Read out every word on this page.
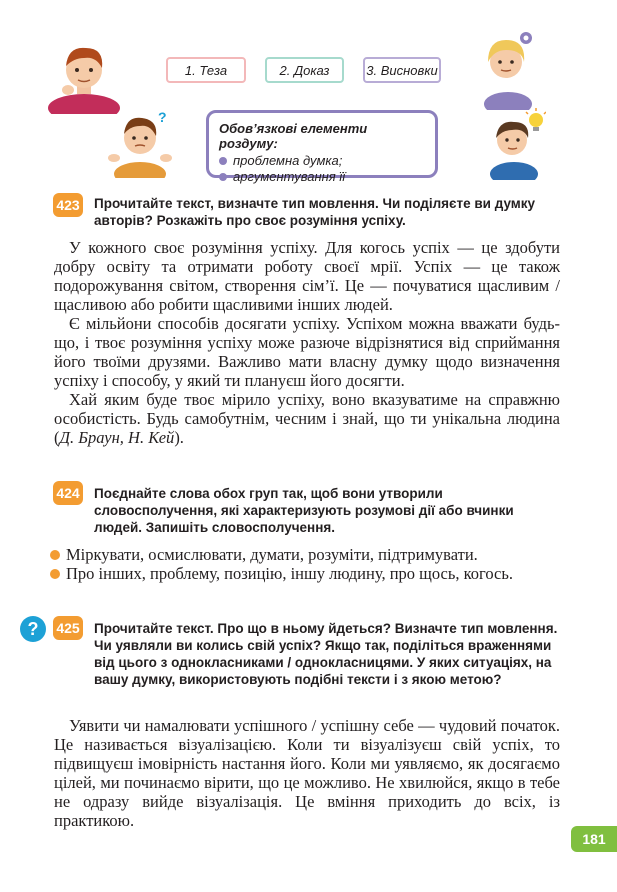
?
1. Теза	2. Доказ	3. Висновки
Обов’язкові елементи роздуму:
проблемна думка;
аргументування її
423 Прочитайте текст, визначте тип мовлення. Чи поділяєте ви думку авторів? Розкажіть про своє розуміння успіху.

У кожного своє розуміння успіху. Для когось успіх — це здобути добру освіту та отримати роботу своєї мрії. Успіх — це також подорожування світом, створення сім’ї. Це — почуватися щасливим / щасливою або робити щасливими інших людей.

Є мільйони способів досягати успіху. Успіхом можна вважати будь-що, і твоє розуміння успіху може разюче відрізнятися від сприймання його твоїми друзями. Важливо мати власну думку щодо визначення успіху і способу, у який ти плануєш його досягти.

Хай яким буде твоє мірило успіху, воно вказуватиме на справжню особистість. Будь самобутнім, чесним і знай, що ти унікальна людина (Д. Браун, Н. Кей).

424 Поєднайте слова обох груп так, щоб вони утворили словосполучення, які характеризують розумові дії або вчинки людей. Запишіть словосполучення.
Міркувати, осмислювати, думати, розуміти, підтримувати.
Про інших, проблему, позицію, іншу людину, про щось, когось.
?	425 Прочитайте текст. Про що в ньому йдеться? Визначте тип мовлення. Чи уявляли ви колись свій успіх? Якщо так, поділіться враженнями від цього з однокласниками / однокласницями. У яких ситуаціях, на вашу думку, використовують подібні тексти і з якою метою?

Уявити чи намалювати успішного / успішну себе — чудовий початок. Це називається візуалізацією. Коли ти візуалізуєш свій успіх, то підвищуєш імовірність настання його. Коли ми уявляємо, як досягаємо цілей, ми починаємо вірити, що це можливо. Не хвилюйся, якщо в тебе не одразу вийде візуалізація. Це вміння приходить до всіх, із практикою.

181
